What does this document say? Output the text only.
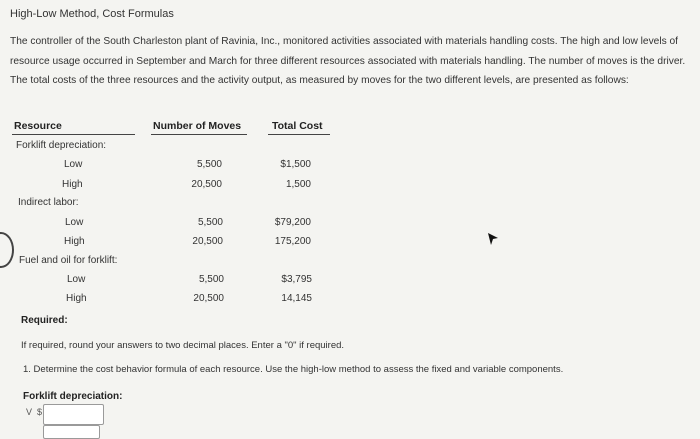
High-Low Method, Cost Formulas
The controller of the South Charleston plant of Ravinia, Inc., monitored activities associated with materials handling costs. The high and low levels of resource usage occurred in September and March for three different resources associated with materials handling. The number of moves is the driver. The total costs of the three resources and the activity output, as measured by moves for the two different levels, are presented as follows:
Resource	Number of Moves	Total Cost
Forklift depreciation:
Low	5,500	$1,500
High	20,500	1,500
Indirect labor:
Low	5,500	$79,200
High	20,500	175,200
Fuel and oil for forklift:
Low	5,500	$3,795
High	20,500	14,145
Required:
If required, round your answers to two decimal places. Enter a "0" if required.
1. Determine the cost behavior formula of each resource. Use the high-low method to assess the fixed and variable components.
Forklift depreciation:
V $
